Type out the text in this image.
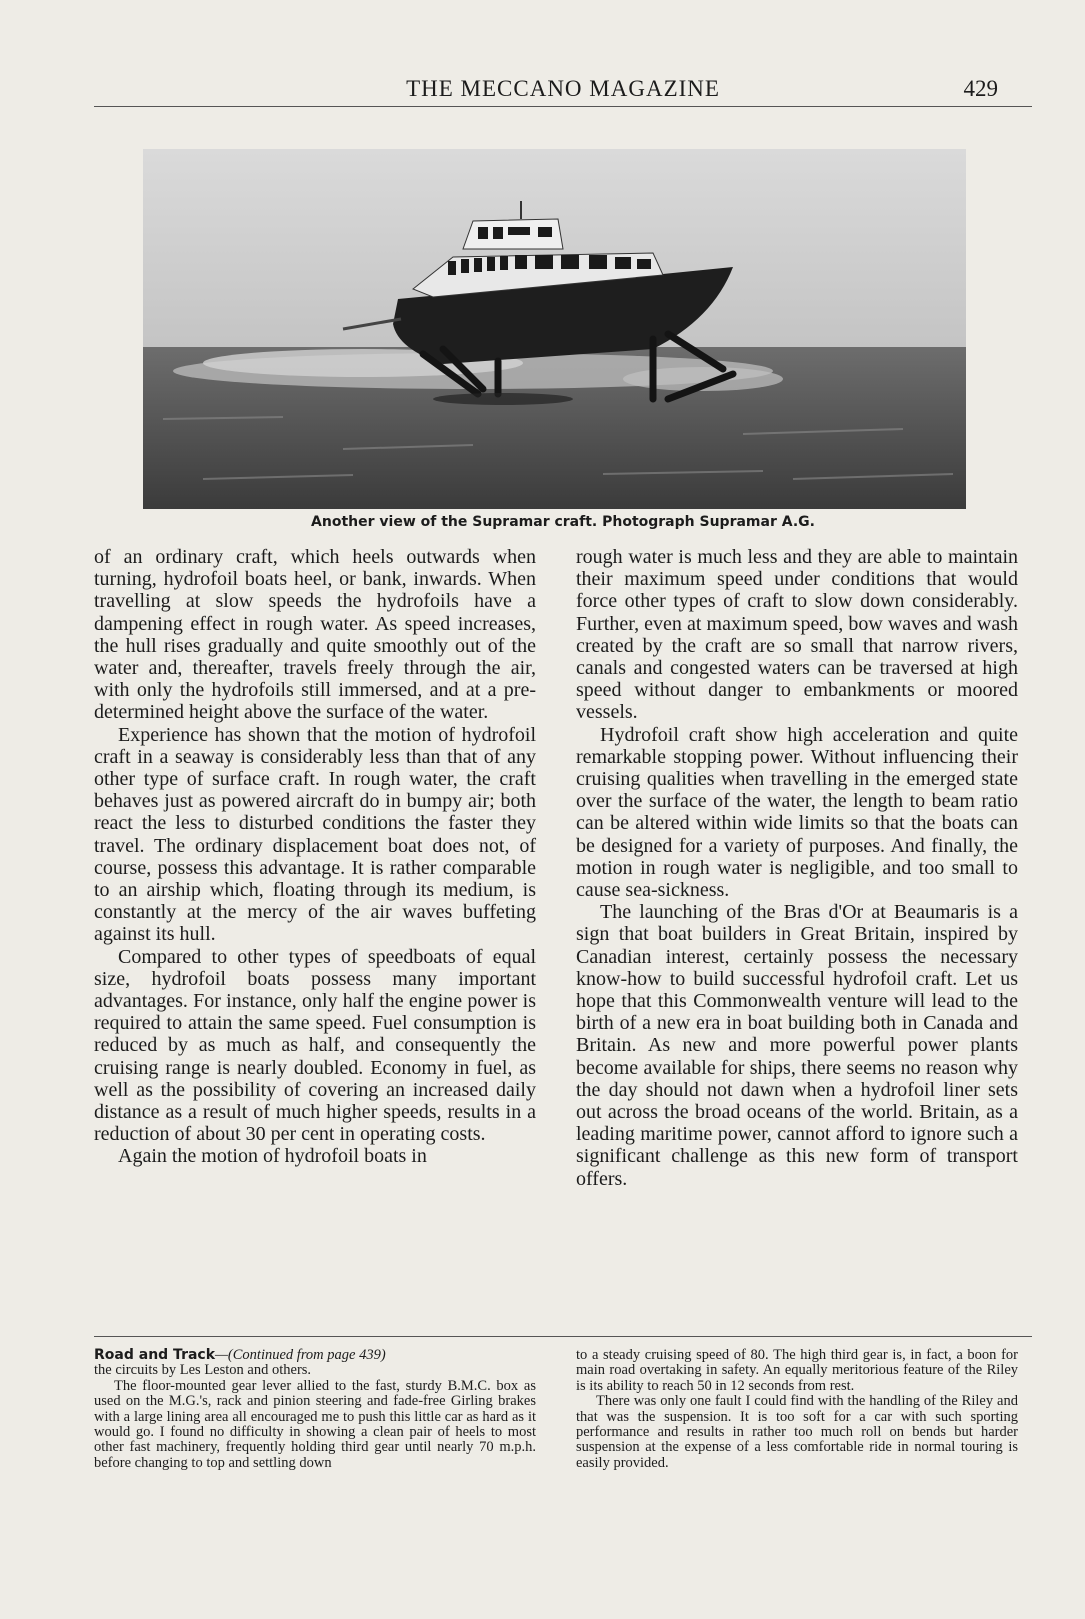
THE MECCANO MAGAZINE	429
Another view of the Supramar craft. Photograph Supramar A.G.

of an ordinary craft, which heels outwards when turning, hydrofoil boats heel, or bank, inwards. When travelling at slow speeds the hydrofoils have a dampening effect in rough water. As speed increases, the hull rises gradually and quite smoothly out of the water and, thereafter, travels freely through the air, with only the hydrofoils still immersed, and at a pre-determined height above the surface of the water.

Experience has shown that the motion of hydrofoil craft in a seaway is considerably less than that of any other type of surface craft. In rough water, the craft behaves just as powered aircraft do in bumpy air; both react the less to disturbed conditions the faster they travel. The ordinary displacement boat does not, of course, possess this advantage. It is rather comparable to an airship which, floating through its medium, is constantly at the mercy of the air waves buffeting against its hull.

Compared to other types of speedboats of equal size, hydrofoil boats possess many important advantages. For instance, only half the engine power is required to attain the same speed. Fuel consumption is reduced by as much as half, and consequently the cruising range is nearly doubled. Economy in fuel, as well as the possibility of covering an increased daily distance as a result of much higher speeds, results in a reduction of about 30 per cent in operating costs.

Again the motion of hydrofoil boats in

rough water is much less and they are able to maintain their maximum speed under conditions that would force other types of craft to slow down considerably. Further, even at maximum speed, bow waves and wash created by the craft are so small that narrow rivers, canals and congested waters can be traversed at high speed without danger to embankments or moored vessels.

Hydrofoil craft show high acceleration and quite remarkable stopping power. Without influencing their cruising qualities when travelling in the emerged state over the surface of the water, the length to beam ratio can be altered within wide limits so that the boats can be designed for a variety of purposes. And finally, the motion in rough water is negligible, and too small to cause sea-sickness.

The launching of the Bras d'Or at Beaumaris is a sign that boat builders in Great Britain, inspired by Canadian interest, certainly possess the necessary know-how to build successful hydrofoil craft. Let us hope that this Commonwealth venture will lead to the birth of a new era in boat building both in Canada and Britain. As new and more powerful power plants become available for ships, there seems no reason why the day should not dawn when a hydrofoil liner sets out across the broad oceans of the world. Britain, as a leading maritime power, cannot afford to ignore such a significant challenge as this new form of transport offers.

Road and Track—(Continued from page 439)

the circuits by Les Leston and others.

The floor-mounted gear lever allied to the fast, sturdy B.M.C. box as used on the M.G.'s, rack and pinion steering and fade-free Girling brakes with a large lining area all encouraged me to push this little car as hard as it would go. I found no difficulty in showing a clean pair of heels to most other fast machinery, frequently holding third gear until nearly 70 m.p.h. before changing to top and settling down

to a steady cruising speed of 80. The high third gear is, in fact, a boon for main road overtaking in safety. An equally meritorious feature of the Riley is its ability to reach 50 in 12 seconds from rest.

There was only one fault I could find with the handling of the Riley and that was the suspension. It is too soft for a car with such sporting performance and results in rather too much roll on bends but harder suspension at the expense of a less comfortable ride in normal touring is easily provided.
